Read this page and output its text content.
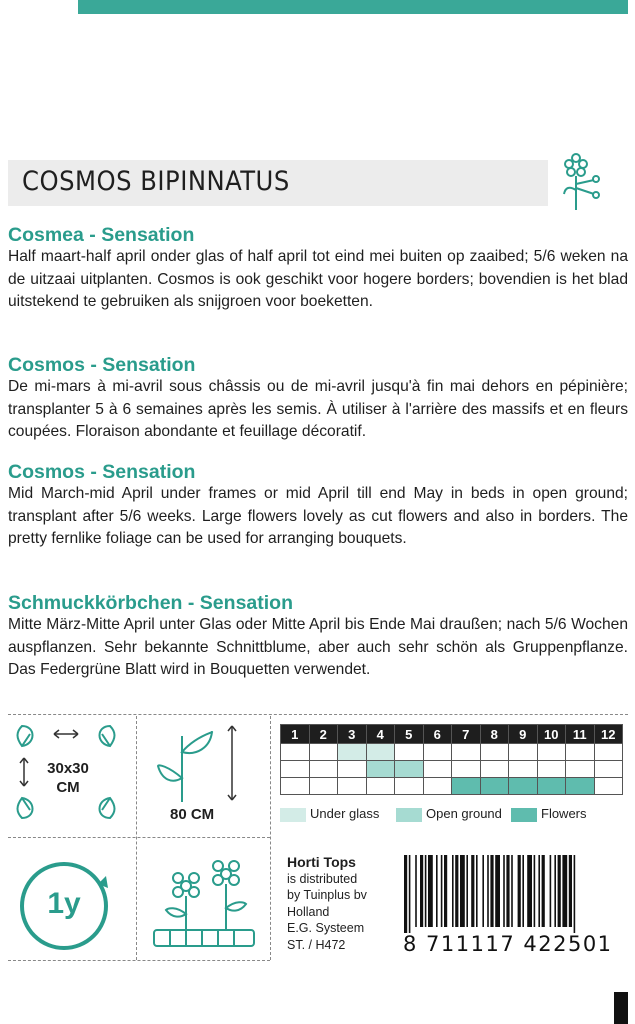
COSMOS BIPINNATUS
Cosmea - Sensation

Half maart-half april onder glas of half april tot eind mei buiten op zaaibed; 5/6 weken na de uitzaai uitplanten. Cosmos is ook geschikt voor hogere borders; bovendien is het blad uitstekend te gebruiken als snijgroen voor boeketten.

Cosmos - Sensation

De mi-mars à mi-avril sous châssis ou de mi-avril jusqu'à fin mai dehors en pépinière; transplanter 5 à 6 semaines après les semis. À utiliser à l'arrière des massifs et en fleurs coupées. Floraison abondante et feuillage décoratif.

Cosmos - Sensation

Mid March-mid April under frames or mid April till end May in beds in open ground; transplant after 5/6 weeks. Large flowers lovely as cut flowers and also in borders. The pretty fernlike foliage can be used for arranging bouquets.

Schmuckkörbchen - Sensation

Mitte März-Mitte April unter Glas oder Mitte April bis Ende Mai draußen; nach 5/6 Wochen auspflanzen. Sehr bekannte Schnittblume, aber auch sehr schön als Gruppenpflanze. Das Federgrüne Blatt wird in Bouquetten verwendet.

30x30
CM
80 CM
1y
1	2	3	4	5	6	7	8	9	10	11	12

Under glass	Open ground	Flowers
Horti Tops
is distributed
by Tuinplus bv
Holland
E.G. Systeem
ST. / H472	8 711117 422501
